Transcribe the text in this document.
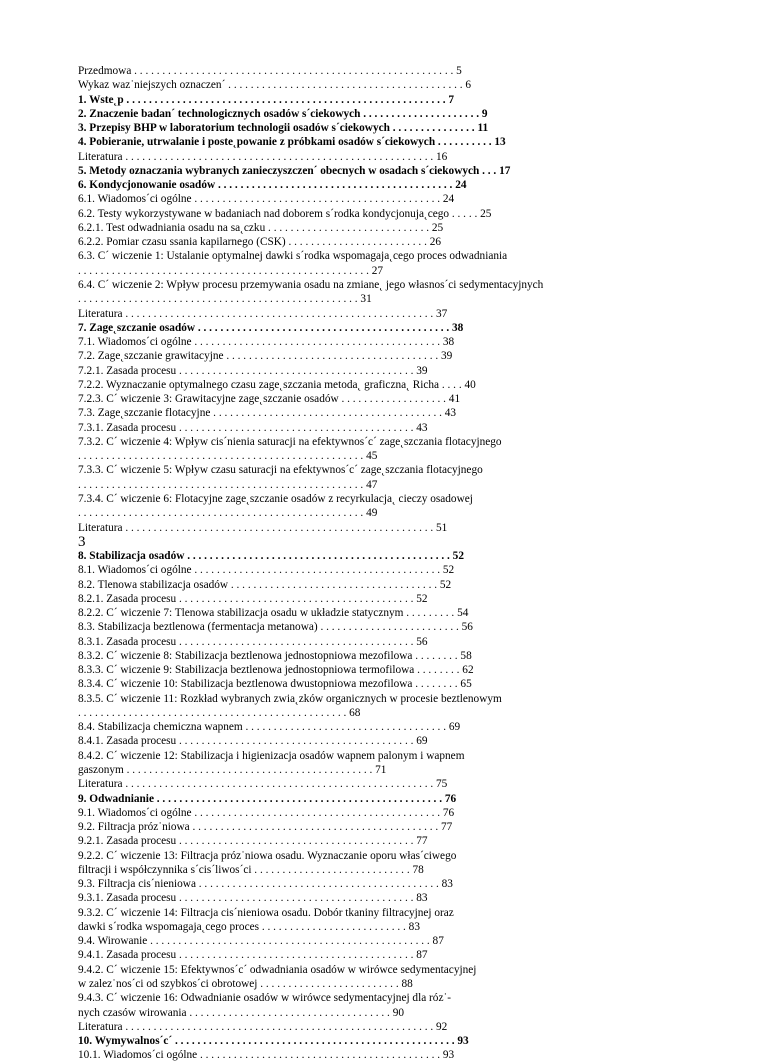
Przedmowa . . . . . . . . . . . . . . . . . . . . . . . . . . . . . . . . . . . . . . . . . . . . . . . . . . . . . . . . . 5
Wykaz waz˙niejszych oznaczen´ . . . . . . . . . . . . . . . . . . . . . . . . . . . . . . . . . . . . . . . . . . 6
1. Wste˛p . . . . . . . . . . . . . . . . . . . . . . . . . . . . . . . . . . . . . . . . . . . . . . . . . . . . . . . . . 7
2. Znaczenie badan´ technologicznych osadów s´ciekowych . . . . . . . . . . . . . . . . . . . . . 9
3. Przepisy BHP w laboratorium technologii osadów s´ciekowych . . . . . . . . . . . . . . . 11
4. Pobieranie, utrwalanie i poste˛powanie z próbkami osadów s´ciekowych . . . . . . . . . . 13
Literatura . . . . . . . . . . . . . . . . . . . . . . . . . . . . . . . . . . . . . . . . . . . . . . . . . . . . . . . 16
5. Metody oznaczania wybranych zanieczyszczen´ obecnych w osadach s´ciekowych . . . 17
6. Kondycjonowanie osadów . . . . . . . . . . . . . . . . . . . . . . . . . . . . . . . . . . . . . . . . . . 24
6.1. Wiadomos´ci ogólne . . . . . . . . . . . . . . . . . . . . . . . . . . . . . . . . . . . . . . . . . . . . 24
6.2. Testy wykorzystywane w badaniach nad doborem s´rodka kondycjonuja˛cego . . . . . 25
6.2.1. Test odwadniania osadu na sa˛czku . . . . . . . . . . . . . . . . . . . . . . . . . . . . . 25
6.2.2. Pomiar czasu ssania kapilarnego (CSK) . . . . . . . . . . . . . . . . . . . . . . . . . 26
6.3. C´ wiczenie 1: Ustalanie optymalnej dawki s´rodka wspomagaja˛cego proces odwadniania
. . . . . . . . . . . . . . . . . . . . . . . . . . . . . . . . . . . . . . . . . . . . . . . . . . . . 27
6.4. C´ wiczenie 2: Wpływ procesu przemywania osadu na zmiane˛ jego własnos´ci sedymentacyjnych
. . . . . . . . . . . . . . . . . . . . . . . . . . . . . . . . . . . . . . . . . . . . . . . . . . 31
Literatura . . . . . . . . . . . . . . . . . . . . . . . . . . . . . . . . . . . . . . . . . . . . . . . . . . . . . . . 37
7. Zage˛szczanie osadów . . . . . . . . . . . . . . . . . . . . . . . . . . . . . . . . . . . . . . . . . . . . . 38
7.1. Wiadomos´ci ogólne . . . . . . . . . . . . . . . . . . . . . . . . . . . . . . . . . . . . . . . . . . . . 38
7.2. Zage˛szczanie grawitacyjne . . . . . . . . . . . . . . . . . . . . . . . . . . . . . . . . . . . . . . 39
7.2.1. Zasada procesu . . . . . . . . . . . . . . . . . . . . . . . . . . . . . . . . . . . . . . . . . . 39
7.2.2. Wyznaczanie optymalnego czasu zage˛szczania metoda˛ graficzna˛ Richa . . . . 40
7.2.3. C´ wiczenie 3: Grawitacyjne zage˛szczanie osadów . . . . . . . . . . . . . . . . . . . 41
7.3. Zage˛szczanie flotacyjne . . . . . . . . . . . . . . . . . . . . . . . . . . . . . . . . . . . . . . . . . 43
7.3.1. Zasada procesu . . . . . . . . . . . . . . . . . . . . . . . . . . . . . . . . . . . . . . . . . . 43
7.3.2. C´ wiczenie 4: Wpływ cis´nienia saturacji na efektywnos´c´ zage˛szczania flotacyjnego
. . . . . . . . . . . . . . . . . . . . . . . . . . . . . . . . . . . . . . . . . . . . . . . . . . . 45
7.3.3. C´ wiczenie 5: Wpływ czasu saturacji na efektywnos´c´ zage˛szczania flotacyjnego
. . . . . . . . . . . . . . . . . . . . . . . . . . . . . . . . . . . . . . . . . . . . . . . . . . . 47
7.3.4. C´ wiczenie 6: Flotacyjne zage˛szczanie osadów z recyrkulacja˛ cieczy osadowej
. . . . . . . . . . . . . . . . . . . . . . . . . . . . . . . . . . . . . . . . . . . . . . . . . . . 49
Literatura . . . . . . . . . . . . . . . . . . . . . . . . . . . . . . . . . . . . . . . . . . . . . . . . . . . . . . . 51
3
8. Stabilizacja osadów . . . . . . . . . . . . . . . . . . . . . . . . . . . . . . . . . . . . . . . . . . . . . . . 52
8.1. Wiadomos´ci ogólne . . . . . . . . . . . . . . . . . . . . . . . . . . . . . . . . . . . . . . . . . . . . 52
8.2. Tlenowa stabilizacja osadów . . . . . . . . . . . . . . . . . . . . . . . . . . . . . . . . . . . . . 52
8.2.1. Zasada procesu . . . . . . . . . . . . . . . . . . . . . . . . . . . . . . . . . . . . . . . . . . 52
8.2.2. C´ wiczenie 7: Tlenowa stabilizacja osadu w układzie statycznym . . . . . . . . . 54
8.3. Stabilizacja beztlenowa (fermentacja metanowa) . . . . . . . . . . . . . . . . . . . . . . . . . 56
8.3.1. Zasada procesu . . . . . . . . . . . . . . . . . . . . . . . . . . . . . . . . . . . . . . . . . . 56
8.3.2. C´ wiczenie 8: Stabilizacja beztlenowa jednostopniowa mezofilowa . . . . . . . . 58
8.3.3. C´ wiczenie 9: Stabilizacja beztlenowa jednostopniowa termofilowa . . . . . . . . 62
8.3.4. C´ wiczenie 10: Stabilizacja beztlenowa dwustopniowa mezofilowa . . . . . . . . 65
8.3.5. C´ wiczenie 11: Rozkład wybranych zwia˛zków organicznych w procesie beztlenowym
. . . . . . . . . . . . . . . . . . . . . . . . . . . . . . . . . . . . . . . . . . . . . . . . 68
8.4. Stabilizacja chemiczna wapnem . . . . . . . . . . . . . . . . . . . . . . . . . . . . . . . . . . . . 69
8.4.1. Zasada procesu . . . . . . . . . . . . . . . . . . . . . . . . . . . . . . . . . . . . . . . . . . 69
8.4.2. C´ wiczenie 12: Stabilizacja i higienizacja osadów wapnem palonym i wapnem
gaszonym . . . . . . . . . . . . . . . . . . . . . . . . . . . . . . . . . . . . . . . . . . . . 71
Literatura . . . . . . . . . . . . . . . . . . . . . . . . . . . . . . . . . . . . . . . . . . . . . . . . . . . . . . . 75
9. Odwadnianie . . . . . . . . . . . . . . . . . . . . . . . . . . . . . . . . . . . . . . . . . . . . . . . . . . . 76
9.1. Wiadomos´ci ogólne . . . . . . . . . . . . . . . . . . . . . . . . . . . . . . . . . . . . . . . . . . . . 76
9.2. Filtracja próz˙niowa . . . . . . . . . . . . . . . . . . . . . . . . . . . . . . . . . . . . . . . . . . . . 77
9.2.1. Zasada procesu . . . . . . . . . . . . . . . . . . . . . . . . . . . . . . . . . . . . . . . . . . 77
9.2.2. C´ wiczenie 13: Filtracja próz˙niowa osadu. Wyznaczanie oporu włas´ciwego
filtracji i współczynnika s´cis´liwos´ci . . . . . . . . . . . . . . . . . . . . . . . . . . . . 78
9.3. Filtracja cis´nieniowa . . . . . . . . . . . . . . . . . . . . . . . . . . . . . . . . . . . . . . . . . . . 83
9.3.1. Zasada procesu . . . . . . . . . . . . . . . . . . . . . . . . . . . . . . . . . . . . . . . . . . 83
9.3.2. C´ wiczenie 14: Filtracja cis´nieniowa osadu. Dobór tkaniny filtracyjnej oraz
dawki s´rodka wspomagaja˛cego proces . . . . . . . . . . . . . . . . . . . . . . . . . . 83
9.4. Wirowanie . . . . . . . . . . . . . . . . . . . . . . . . . . . . . . . . . . . . . . . . . . . . . . . . . . 87
9.4.1. Zasada procesu . . . . . . . . . . . . . . . . . . . . . . . . . . . . . . . . . . . . . . . . . . 87
9.4.2. C´ wiczenie 15: Efektywnos´c´ odwadniania osadów w wirówce sedymentacyjnej
w zalez˙nos´ci od szybkos´ci obrotowej . . . . . . . . . . . . . . . . . . . . . . . . . 88
9.4.3. C´ wiczenie 16: Odwadnianie osadów w wirówce sedymentacyjnej dla róz˙-
nych czasów wirowania . . . . . . . . . . . . . . . . . . . . . . . . . . . . . . . . . . . . 90
Literatura . . . . . . . . . . . . . . . . . . . . . . . . . . . . . . . . . . . . . . . . . . . . . . . . . . . . . . . 92
10. Wymywalnos´c´ . . . . . . . . . . . . . . . . . . . . . . . . . . . . . . . . . . . . . . . . . . . . . . . . . . 93
10.1. Wiadomos´ci ogólne . . . . . . . . . . . . . . . . . . . . . . . . . . . . . . . . . . . . . . . . . . . 93
